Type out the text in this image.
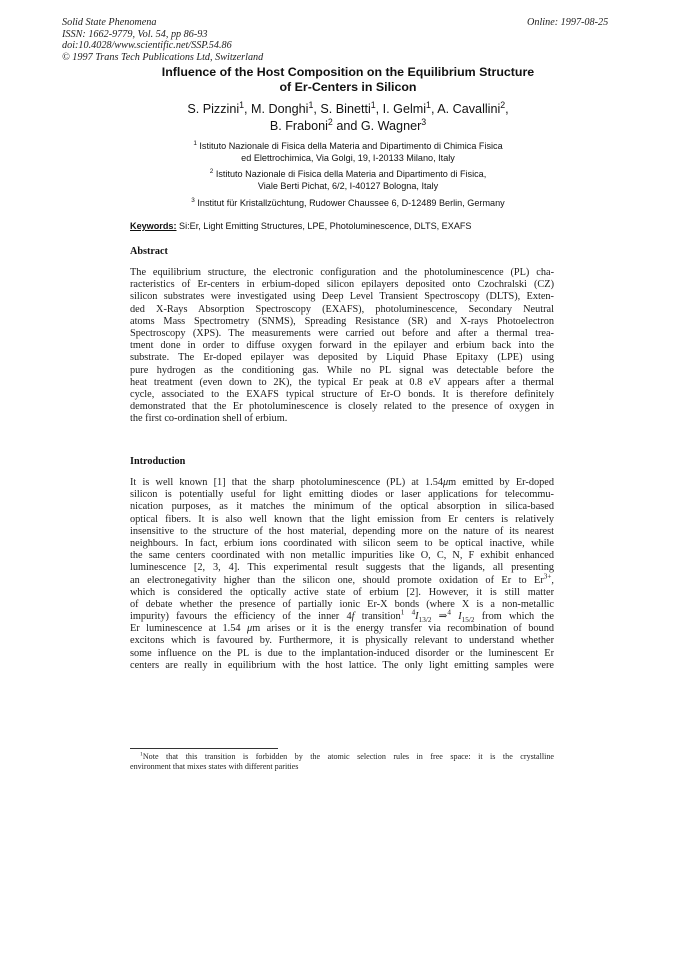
Solid State Phenomena
ISSN: 1662-9779, Vol. 54, pp 86-93
doi:10.4028/www.scientific.net/SSP.54.86
© 1997 Trans Tech Publications Ltd, Switzerland
Online: 1997-08-25
Influence of the Host Composition on the Equilibrium Structure
of Er-Centers in Silicon
S. Pizzini$^1$, M. Donghi$^1$, S. Binetti$^1$, I. Gelmi$^1$, A. Cavallini$^2$,
B. Fraboni$^2$ and G. Wagner$^3$
$^1$ Istituto Nazionale di Fisica della Materia and Dipartimento di Chimica Fisica
ed Elettrochimica, Via Golgi, 19, I-20133 Milano, Italy
$^2$ Istituto Nazionale di Fisica della Materia and Dipartimento di Fisica,
Viale Berti Pichat, 6/2, I-40127 Bologna, Italy
$^3$ Institut für Kristallzüchtung, Rudower Chaussee 6, D-12489 Berlin, Germany
Keywords: Si:Er, Light Emitting Structures, LPE, Photoluminescence, DLTS, EXAFS
Abstract
The equilibrium structure, the electronic configuration and the photoluminescence (PL) cha-
racteristics of Er-centers in erbium-doped silicon epilayers deposited onto Czochralski (CZ)
silicon substrates were investigated using Deep Level Transient Spectroscopy (DLTS), Exten-
ded X-Rays Absorption Spectroscopy (EXAFS), photoluminescence, Secondary Neutral
atoms Mass Spectrometry (SNMS), Spreading Resistance (SR) and X-rays Photoelectron
Spectroscopy (XPS). The measurements were carried out before and after a thermal trea-
tment done in order to diffuse oxygen forward in the epilayer and erbium back into the
substrate. The Er-doped epilayer was deposited by Liquid Phase Epitaxy (LPE) using
pure hydrogen as the conditioning gas. While no PL signal was detectable before the
heat treatment (even down to 2K), the typical Er peak at 0.8 eV appears after a thermal
cycle, associated to the EXAFS typical structure of Er-O bonds. It is therefore definitely
demonstrated that the Er photoluminescence is closely related to the presence of oxygen in
the first co-ordination shell of erbium.
Introduction
It is well known [1] that the sharp photoluminescence (PL) at 1.54μm emitted by Er-doped
silicon is potentially useful for light emitting diodes or laser applications for telecommu-
nication purposes, as it matches the minimum of the optical absorption in silica-based
optical fibers. It is also well known that the light emission from Er centers is relatively
insensitive to the structure of the host material, depending more on the nature of its nearest
neighbours. In fact, erbium ions coordinated with silicon seem to be optical inactive, while
the same centers coordinated with non metallic impurities like O, C, N, F exhibit enhanced
luminescence [2, 3, 4]. This experimental result suggests that the ligands, all presenting
an electronegativity higher than the silicon one, should promote oxidation of Er to $Er^{3+}$,
which is considered the optically active state of erbium [2]. However, it is still matter
of debate whether the presence of partially ionic Er-X bonds (where X is a non-metallic
impurity) favours the efficiency of the inner 4f transition$^1$ $^4I_{13/2}$ ⇒$^4$ $I_{15/2}$ from which the
Er luminescence at 1.54 μm arises or it is the energy transfer via recombination of bound
excitons which is favoured by. Furthermore, it is physically relevant to understand whether
some influence on the PL is due to the implantation-induced disorder or the luminescent Er
centers are really in equilibrium with the host lattice. The only light emitting samples were
$^1$Note that this transition is forbidden by the atomic selection rules in free space: it is the crystalline
environment that mixes states with different parities
